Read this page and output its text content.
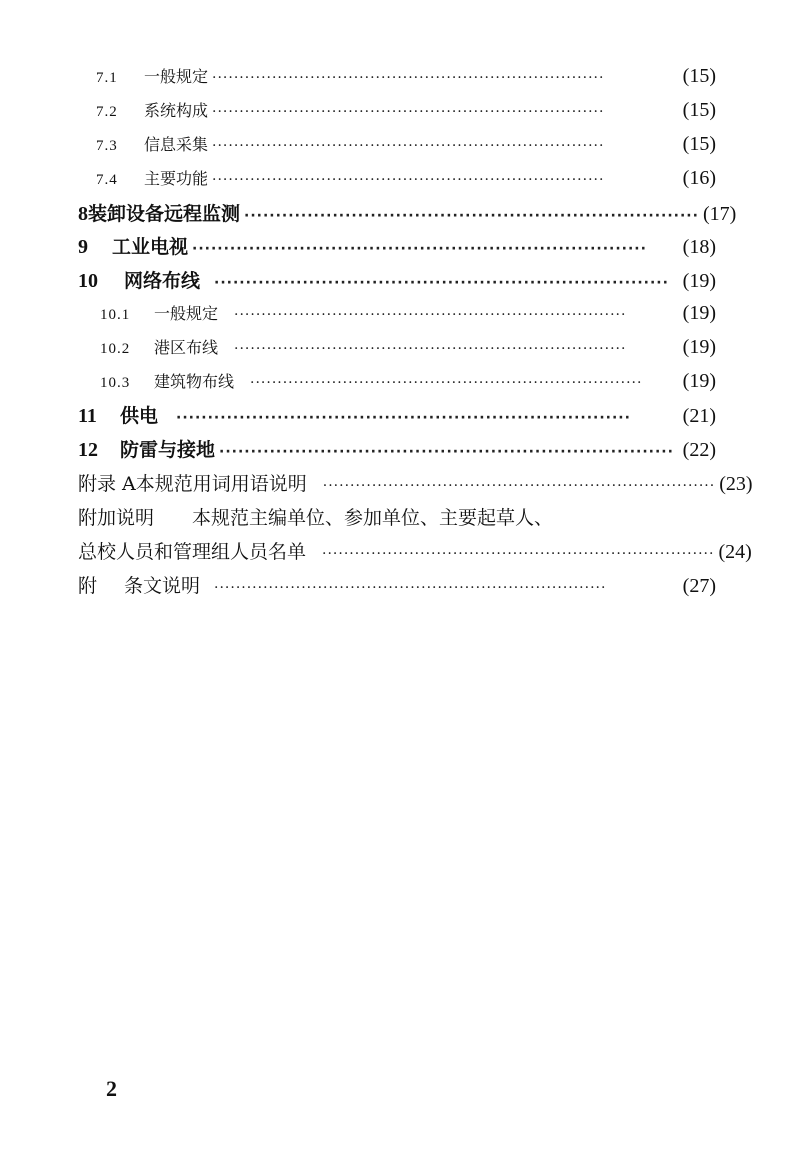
7.1	一般规定 ········································································	(15)
7.2	系统构成 ········································································	(15)
7.3	信息采集 ········································································	(15)
7.4	主要功能 ········································································	(16)
8 装卸设备远程监测 ········································································ (17)
9	工业电视 ········································································	(18)
10	网络布线 ········································································ (19)
10.1	一般规定 ········································································	(19)
10.2	港区布线 ········································································	(19)
10.3	建筑物布线 ········································································	(19)
11	供电 ········································································	(21)
12	防雷与接地 ········································································ (22)
附录 A 本规范用词用语说明 ········································································ (23)
附加说明	本规范主编单位、参加单位、主要起草人、
总校人员和管理组人员名单 ········································································ (24)
附	条文说明 ········································································	(27)
2
